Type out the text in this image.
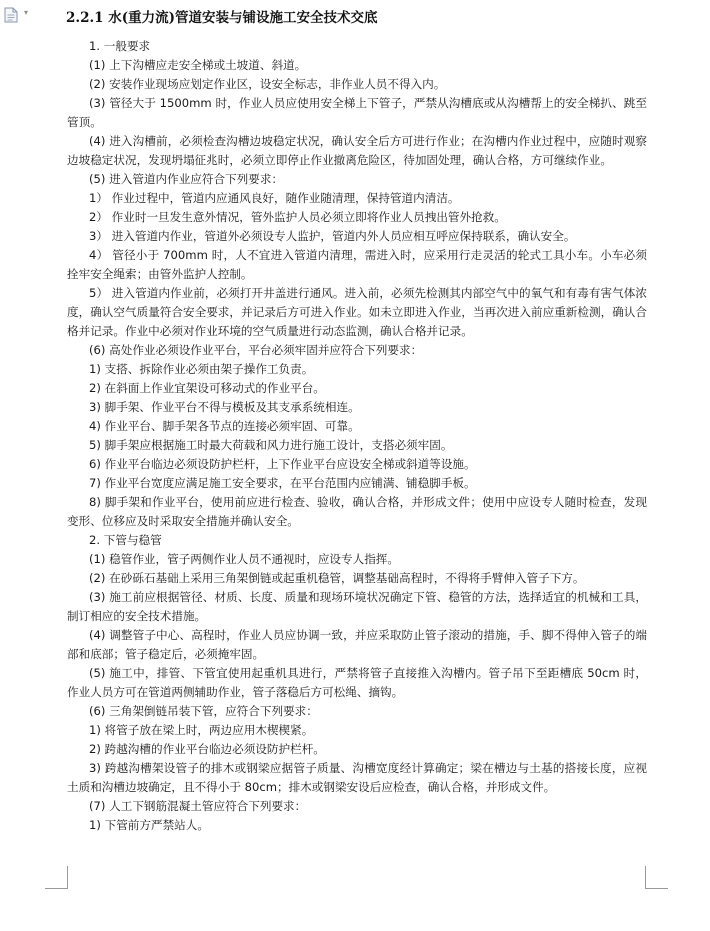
▾	2.2.1 水(重力流)管道安装与铺设施工安全技术交底

1. 一般要求

(1) 上下沟槽应走安全梯或土坡道、斜道。

(2) 安装作业现场应划定作业区，设安全标志，非作业人员不得入内。

(3) 管径大于 1500mm 时，作业人员应使用安全梯上下管子，严禁从沟槽底或从沟槽帮上的安全梯扒、跳至管顶。

(4) 进入沟槽前，必须检查沟槽边坡稳定状况，确认安全后方可进行作业；在沟槽内作业过程中，应随时观察边坡稳定状况，发现坍塌征兆时，必须立即停止作业撤离危险区，待加固处理，确认合格，方可继续作业。

(5) 进入管道内作业应符合下列要求：

1） 作业过程中，管道内应通风良好，随作业随清理，保持管道内清洁。

2） 作业时一旦发生意外情况，管外监护人员必须立即将作业人员拽出管外抢救。

3） 进入管道内作业，管道外必须设专人监护，管道内外人员应相互呼应保持联系，确认安全。

4） 管径小于 700mm 时，人不宜进入管道内清理，需进入时，应采用行走灵活的轮式工具小车。小车必须拴牢安全绳索；由管外监护人控制。

5） 进入管道内作业前，必须打开井盖进行通风。进入前，必须先检测其内部空气中的氧气和有毒有害气体浓度，确认空气质量符合安全要求，并记录后方可进入作业。如未立即进入作业，当再次进入前应重新检测，确认合格并记录。作业中必须对作业环境的空气质量进行动态监测，确认合格并记录。

(6) 高处作业必须设作业平台，平台必须牢固并应符合下列要求：

1) 支搭、拆除作业必须由架子操作工负责。

2) 在斜面上作业宜架设可移动式的作业平台。

3) 脚手架、作业平台不得与模板及其支承系统相连。

4) 作业平台、脚手架各节点的连接必须牢固、可靠。

5) 脚手架应根据施工时最大荷载和风力进行施工设计，支搭必须牢固。

6) 作业平台临边必须设防护栏杆，上下作业平台应设安全梯或斜道等设施。

7) 作业平台宽度应满足施工安全要求，在平台范围内应铺满、铺稳脚手板。

8) 脚手架和作业平台，使用前应进行检查、验收，确认合格，并形成文件；使用中应设专人随时检查，发现变形、位移应及时采取安全措施并确认安全。

2. 下管与稳管

(1) 稳管作业，管子两侧作业人员不通视时，应设专人指挥。

(2) 在砂砾石基础上采用三角架倒链或起重机稳管，调整基础高程时，不得将手臂伸入管子下方。

(3) 施工前应根据管径、材质、长度、质量和现场环境状况确定下管、稳管的方法，选择适宜的机械和工具，制订相应的安全技术措施。

(4) 调整管子中心、高程时，作业人员应协调一致，并应采取防止管子滚动的措施，手、脚不得伸入管子的端部和底部；管子稳定后，必须掩牢固。

(5) 施工中，排管、下管宜使用起重机具进行，严禁将管子直接推入沟槽内。管子吊下至距槽底 50cm 时，作业人员方可在管道两侧辅助作业，管子落稳后方可松绳、摘钩。

(6) 三角架倒链吊装下管，应符合下列要求：

1) 将管子放在梁上时，两边应用木楔楔紧。

2) 跨越沟槽的作业平台临边必须设防护栏杆。

3) 跨越沟槽架设管子的排木或钢梁应据管子质量、沟槽宽度经计算确定；梁在槽边与土基的搭接长度，应视土质和沟槽边坡确定，且不得小于 80cm；排木或钢梁安设后应检查，确认合格，并形成文件。

(7) 人工下钢筋混凝土管应符合下列要求：

1) 下管前方严禁站人。
